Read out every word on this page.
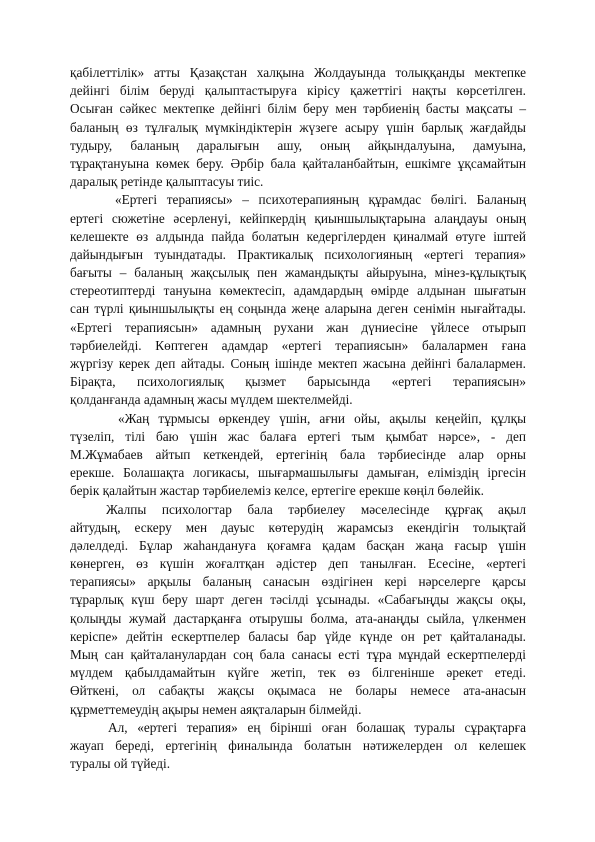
қабілеттілік» атты Қазақстан халқына Жолдауында толыққанды мектепке
дейінгі білім беруді қалыптастыруға кірісу қажеттігі нақты көрсетілген.
Осыған сәйкес мектепке дейінгі білім беру мен тәрбиенің басты мақсаты –
баланың өз тұлғалық мүмкіндіктерін жүзеге асыру үшін барлық жағдайды
тудыру, баланың даралығын ашу, оның айқындалуына, дамуына,
тұрақтануына көмек беру. Әрбір бала қайталанбайтын, ешкімге ұқсамайтын
даралық ретінде қалыптасуы тиіс.
«Ертегі терапиясы» – психотерапияның құрамдас бөлігі. Баланың
ертегі сюжетіне әсерленуі, кейіпкердің қиыншылықтарына алаңдауы оның
келешекте өз алдында пайда болатын кедергілерден қиналмай өтуге іштей
дайындығын туындатады. Практикалық психологияның «ертегі терапия»
бағыты – баланың жақсылық пен жамандықты айыруына, мінез-құлықтық
стереотиптерді тануына көмектесіп, адамдардың өмірде алдынан шығатын
сан түрлі қиыншылықты ең соңында жеңе аларына деген сенімін нығайтады.
«Ертегі терапиясын» адамның рухани жан дүниесіне үйлесе отырып
тәрбиелейді. Көптеген адамдар «ертегі терапиясын» балалармен ғана
жүргізу керек деп айтады. Соның ішінде мектеп жасына дейінгі балалармен.
Бірақта, психологиялық қызмет барысында «ертегі терапиясын»
қолданғанда адамның жасы мүлдем шектелмейді.
«Жаң тұрмысы өркендеу үшін, ағни ойы, ақылы кеңейіп, құлқы
түзеліп, тілі баю үшін жас балаға ертегі тым қымбат нәрсе», - деп
М.Жұмабаев айтып кеткендей, ертегінің бала тәрбиесінде алар орны
ерекше. Болашақта логикасы, шығармашылығы дамыған, еліміздің іргесін
берік қалайтын жастар тәрбиелеміз келсе, ертегіге ерекше көңіл бөлейік.
Жалпы психологтар бала тәрбиелеу мәселесінде құрғақ ақыл
айтудың, ескеру мен дауыс көтерудің жарамсыз екендігін толықтай
дәлелдеді. Бұлар жаһандануға қоғамға қадам басқан жаңа ғасыр үшін
көнерген, өз күшін жоғалтқан әдістер деп танылған. Есесіне, «ертегі
терапиясы» арқылы баланың санасын өздігінен кері нәрселерге қарсы
тұрарлық күш беру шарт деген тәсілді ұсынады. «Сабағыңды жақсы оқы,
қолыңды жумай дастарқанға отырушы болма, ата-анаңды сыйла, үлкенмен
керіспе» дейтін ескертпелер баласы бар үйде күнде он рет қайталанады.
Мың сан қайталанулардан соң бала санасы есті тұра мұндай ескертпелерді
мүлдем қабылдамайтын күйге жетіп, тек өз білгенінше әрекет етеді.
Өйткені, ол сабақты жақсы оқымаса не болары немесе ата-анасын
құрметтемеудің ақыры немен аяқталарын білмейді.
Ал, «ертегі терапия» ең бірінші оған болашақ туралы сұрақтарға
жауап береді, ертегінің финалында болатын нәтижелерден ол келешек
туралы ой түйеді.
